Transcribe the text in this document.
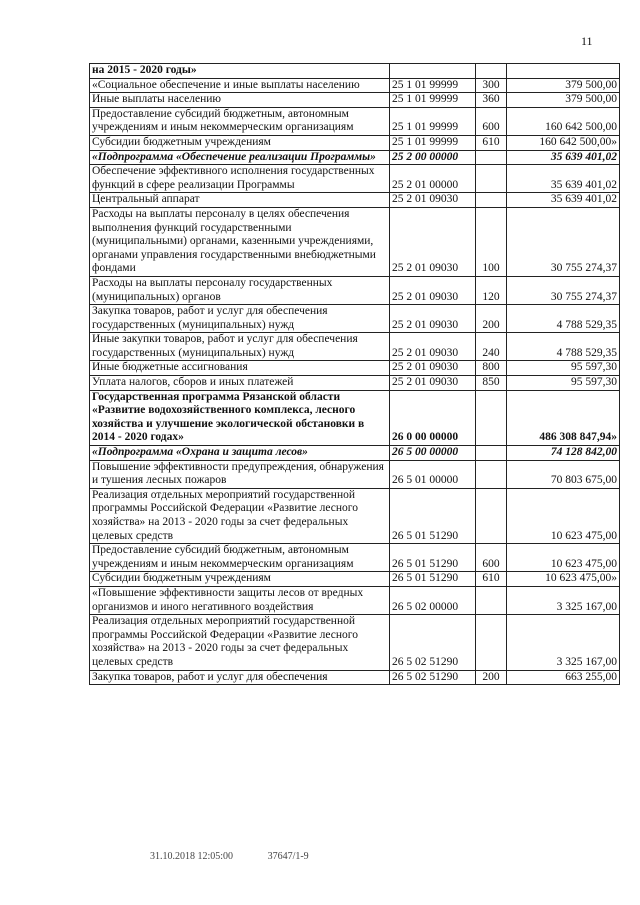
11
на 2015 - 2020 годы»			
«Социальное обеспечение и иные выплаты населению	25 1 01 99999	300	379 500,00
Иные выплаты населению	25 1 01 99999	360	379 500,00
Предоставление субсидий бюджетным, автономным учреждениям и иным некоммерческим организациям	25 1 01 99999	600	160 642 500,00
Субсидии бюджетным учреждениям	25 1 01 99999	610	160 642 500,00»
«Подпрограмма «Обеспечение реализации Программы»	25 2 00 00000		35 639 401,02
Обеспечение эффективного исполнения государственных функций в сфере реализации Программы	25 2 01 00000		35 639 401,02
Центральный аппарат	25 2 01 09030		35 639 401,02
Расходы на выплаты персоналу в целях обеспечения выполнения функций государственными (муниципальными) органами, казенными учреждениями, органами управления государственными внебюджетными фондами	25 2 01 09030	100	30 755 274,37
Расходы на выплаты персоналу государственных (муниципальных) органов	25 2 01 09030	120	30 755 274,37
Закупка товаров, работ и услуг для обеспечения государственных (муниципальных) нужд	25 2 01 09030	200	4 788 529,35
Иные закупки товаров, работ и услуг для обеспечения государственных (муниципальных) нужд	25 2 01 09030	240	4 788 529,35
Иные бюджетные ассигнования	25 2 01 09030	800	95 597,30
Уплата налогов, сборов и иных платежей	25 2 01 09030	850	95 597,30
Государственная программа Рязанской области «Развитие водохозяйственного комплекса, лесного хозяйства и улучшение экологической обстановки в 2014 - 2020 годах»	26 0 00 00000		486 308 847,94»
«Подпрограмма «Охрана и защита лесов»	26 5 00 00000		74 128 842,00
Повышение эффективности предупреждения, обнаружения и тушения лесных пожаров	26 5 01 00000		70 803 675,00
Реализация отдельных мероприятий государственной программы Российской Федерации «Развитие лесного хозяйства» на 2013 - 2020 годы за счет федеральных целевых средств	26 5 01 51290		10 623 475,00
Предоставление субсидий бюджетным, автономным учреждениям и иным некоммерческим организациям	26 5 01 51290	600	10 623 475,00
Субсидии бюджетным учреждениям	26 5 01 51290	610	10 623 475,00»
«Повышение эффективности защиты лесов от вредных организмов и иного негативного воздействия	26 5 02 00000		3 325 167,00
Реализация отдельных мероприятий государственной программы Российской Федерации «Развитие лесного хозяйства» на 2013 - 2020 годы за счет федеральных целевых средств	26 5 02 51290		3 325 167,00
Закупка товаров, работ и услуг для обеспечения	26 5 02 51290	200	663 255,00
31.10.2018 12:05:00	37647/1-9
